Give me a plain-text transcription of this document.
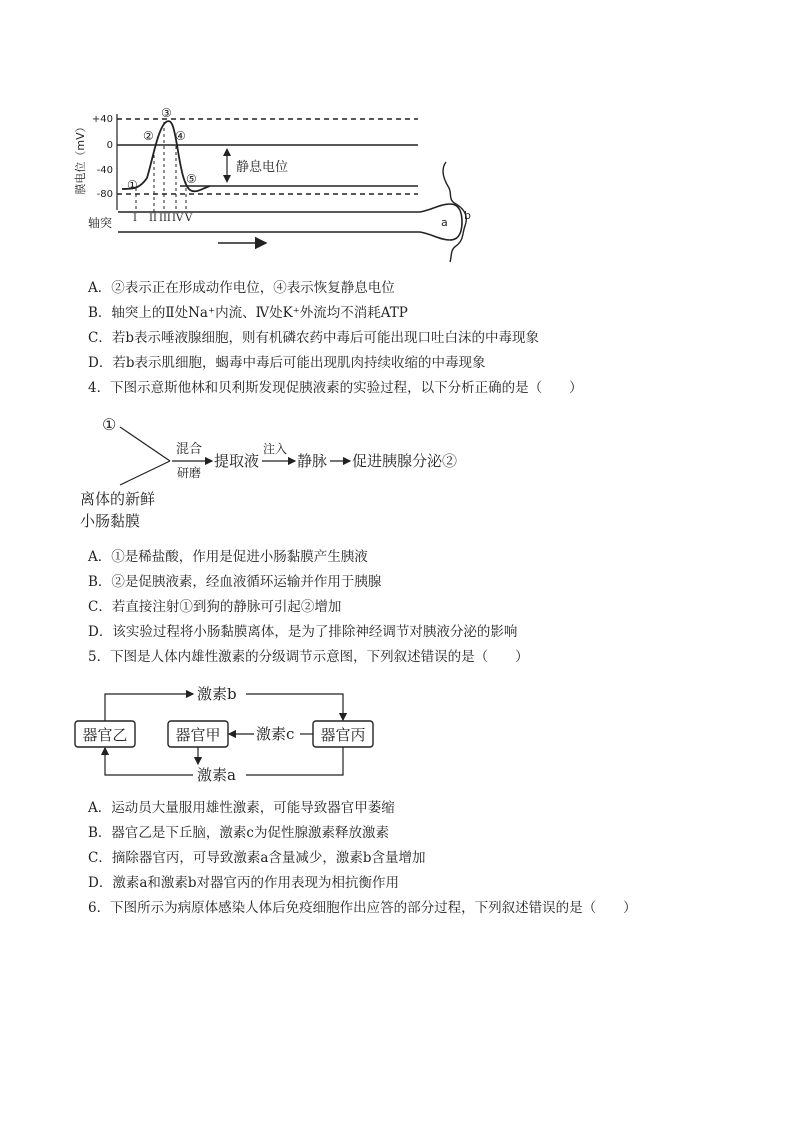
膜电位（mV）
+40
0
-40
-80
①
②
③
④
⑤
静息电位
I II III IV V
轴突	a
b
A．②表示正在形成动作电位，④表示恢复静息电位
B．轴突上的Ⅱ处Na⁺内流、Ⅳ处K⁺外流均不消耗ATP
C．若b表示唾液腺细胞，则有机磷农药中毒后可能出现口吐白沫的中毒现象
D．若b表示肌细胞，蝎毒中毒后可能出现肌肉持续收缩的中毒现象
4．下图示意斯他林和贝利斯发现促胰液素的实验过程，以下分析正确的是（　　）
①
混合
研磨
提取液
注入
静脉 促进胰腺分泌②
离体的新鲜
小肠黏膜
A．①是稀盐酸，作用是促进小肠黏膜产生胰液
B．②是促胰液素，经血液循环运输并作用于胰腺
C．若直接注射①到狗的静脉可引起②增加
D．该实验过程将小肠黏膜离体，是为了排除神经调节对胰液分泌的影响
5．下图是人体内雄性激素的分级调节示意图，下列叙述错误的是（　　）
器官乙	器官甲	器官丙
激素b
激素c
激素a
A．运动员大量服用雄性激素，可能导致器官甲萎缩
B．器官乙是下丘脑，激素c为促性腺激素释放激素
C．摘除器官丙，可导致激素a含量减少，激素b含量增加
D．激素a和激素b对器官丙的作用表现为相抗衡作用
6．下图所示为病原体感染人体后免疫细胞作出应答的部分过程，下列叙述错误的是（　　）
